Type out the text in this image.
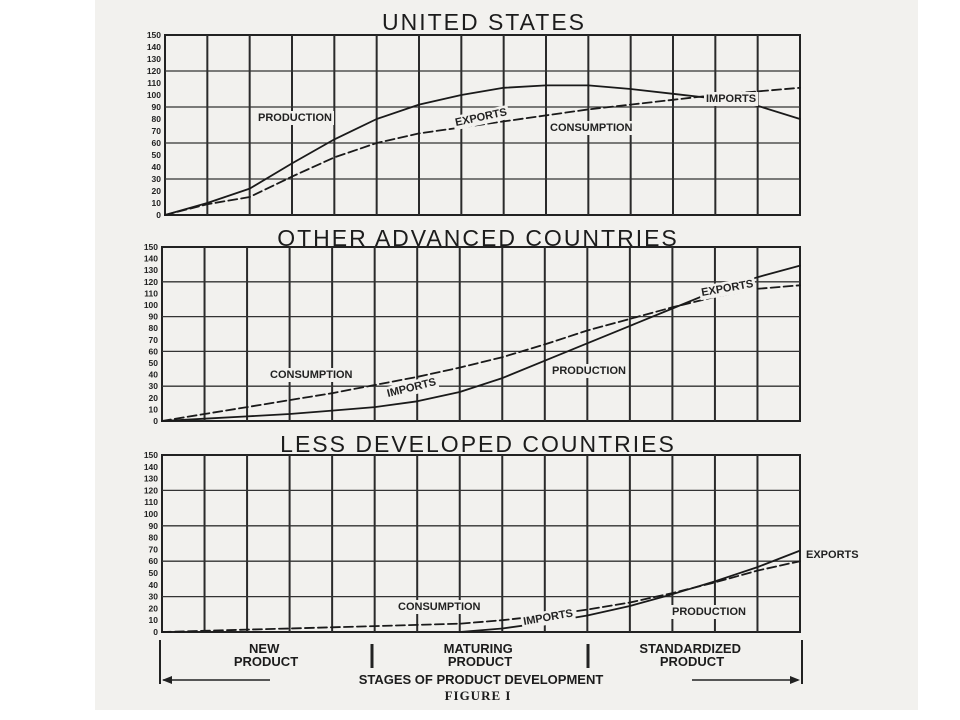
UNITED STATES
0
10
20
30
40
50
60
70
80
90
100
110
120
130
140
150
PRODUCTION	EXPORTS	CONSUMPTION
IMPORTS
OTHER ADVANCED COUNTRIES
0
10
20
30
40
50
60
70
80
90
100
110
120
130
140
150
CONSUMPTION
IMPORTS
PRODUCTION
EXPORTS
LESS DEVELOPED COUNTRIES
0
10
20
30
40
50
60
70
80
90
100
110
120
130
140
150
CONSUMPTION
IMPORTS	PRODUCTION
EXPORTS
NEW PRODUCT
MATURING PRODUCT
STANDARDIZED PRODUCT
STAGES OF PRODUCT DEVELOPMENT
FIGURE I
